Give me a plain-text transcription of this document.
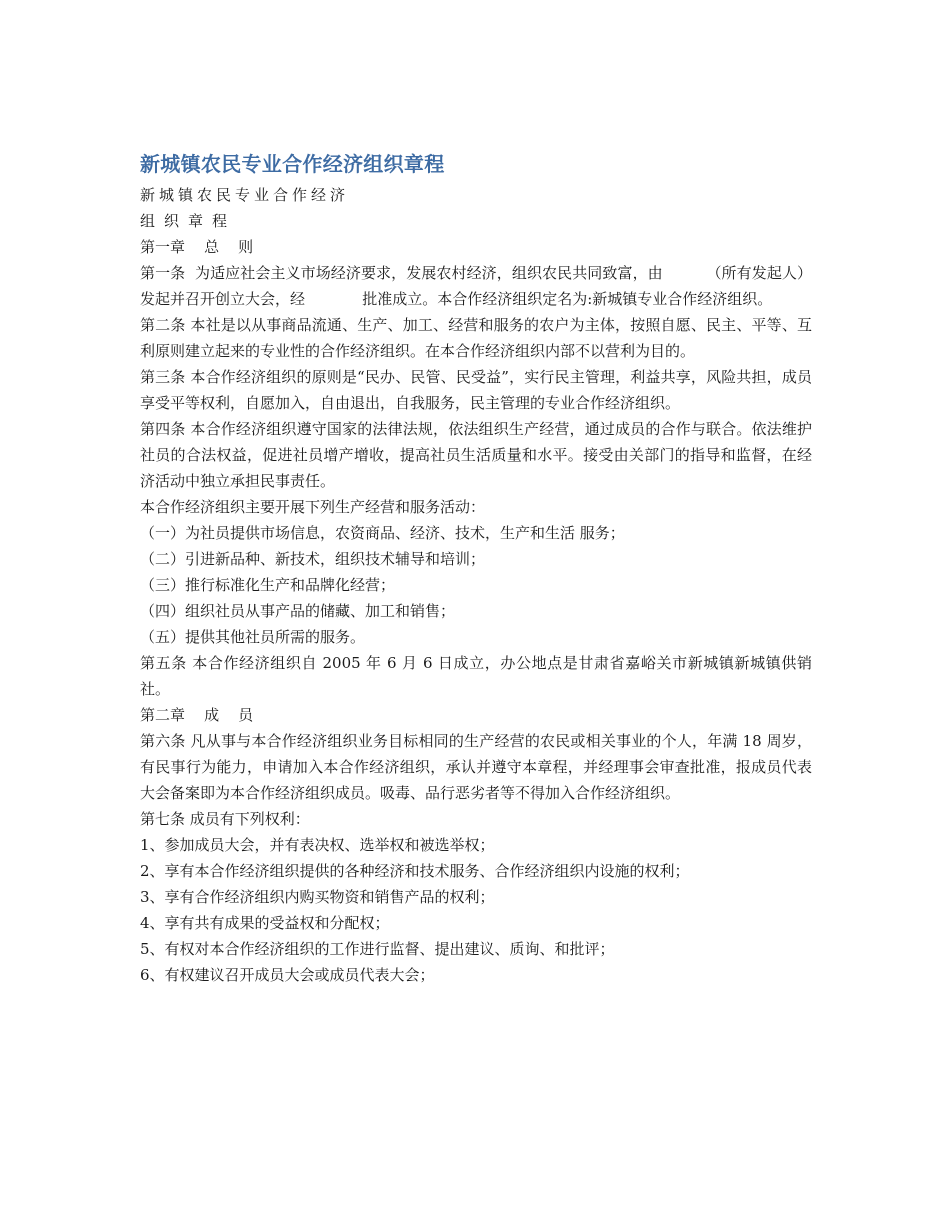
新城镇农民专业合作经济组织章程

新城镇农民专业合作经济

组织章程

第一章    总    则

第一条  为适应社会主义市场经济要求，发展农村经济，组织农民共同致富，由         （所有发起人）发起并召开创立大会，经            批准成立。本合作经济组织定名为:新城镇专业合作经济组织。

第二条 本社是以从事商品流通、生产、加工、经营和服务的农户为主体，按照自愿、民主、平等、互利原则建立起来的专业性的合作经济组织。在本合作经济组织内部不以营利为目的。

第三条 本合作经济组织的原则是“民办、民管、民受益”，实行民主管理，利益共享，风险共担，成员享受平等权利，自愿加入，自由退出，自我服务，民主管理的专业合作经济组织。

第四条 本合作经济组织遵守国家的法律法规，依法组织生产经营，通过成员的合作与联合。依法维护社员的合法权益，促进社员增产增收，提高社员生活质量和水平。接受由关部门的指导和监督，在经济活动中独立承担民事责任。

本合作经济组织主要开展下列生产经营和服务活动：

（一）为社员提供市场信息，农资商品、经济、技术，生产和生活 服务；

（二）引进新品种、新技术，组织技术辅导和培训；

（三）推行标准化生产和品牌化经营；

（四）组织社员从事产品的储藏、加工和销售；

（五）提供其他社员所需的服务。

第五条 本合作经济组织自 2005 年 6 月 6 日成立，办公地点是甘肃省嘉峪关市新城镇新城镇供销社。

第二章    成    员

第六条 凡从事与本合作经济组织业务目标相同的生产经营的农民或相关事业的个人，年满 18 周岁，有民事行为能力，申请加入本合作经济组织，承认并遵守本章程，并经理事会审查批准，报成员代表大会备案即为本合作经济组织成员。吸毒、品行恶劣者等不得加入合作经济组织。

第七条 成员有下列权利：

1、参加成员大会，并有表决权、选举权和被选举权；

2、享有本合作经济组织提供的各种经济和技术服务、合作经济组织内设施的权利；

3、享有合作经济组织内购买物资和销售产品的权利；

4、享有共有成果的受益权和分配权；

5、有权对本合作经济组织的工作进行监督、提出建议、质询、和批评；

6、有权建议召开成员大会或成员代表大会；
